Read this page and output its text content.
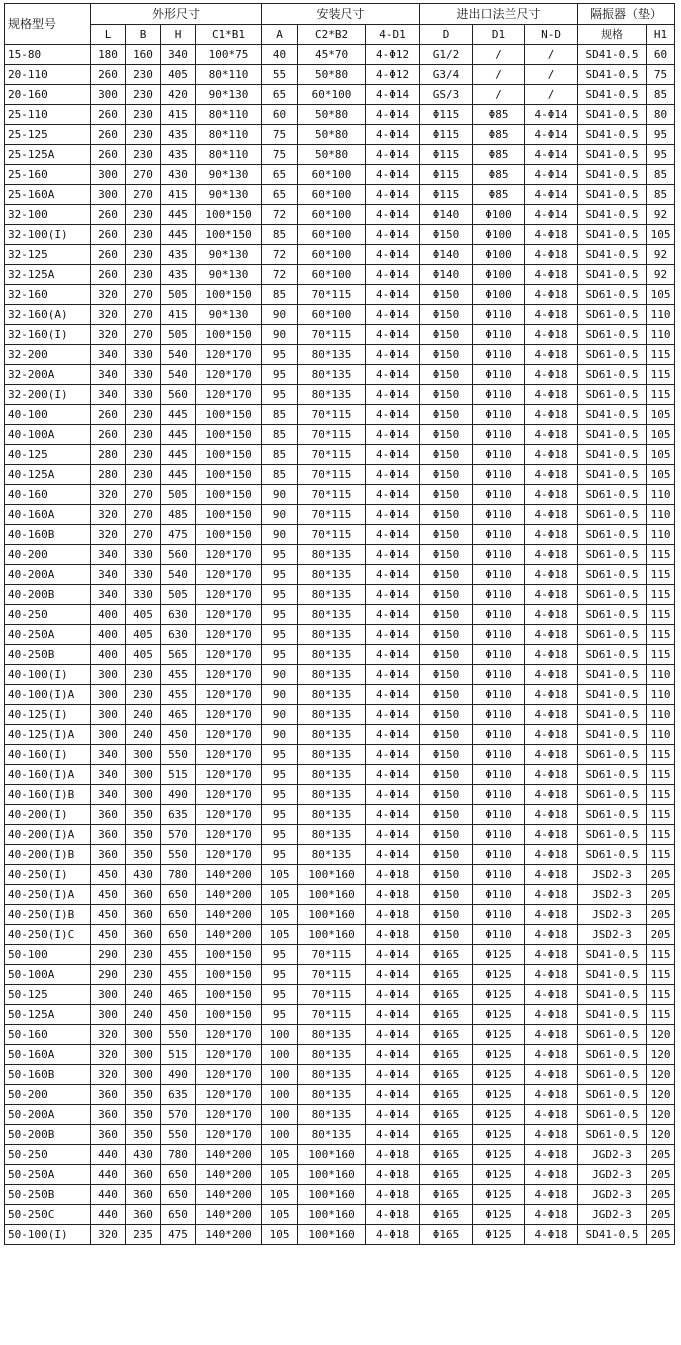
规格型号	外形尺寸				安装尺寸			进出口法兰尺寸			隔振器（垫）	
	L	B	H	C1*B1	A	C2*B2	4-D1	D	D1	N-D	规格	H1
15-80	180	160	340	100*75	40	45*70	4-Φ12	G1/2	/	/	SD41-0.5	60
20-110	260	230	405	80*110	55	50*80	4-Φ12	G3/4	/	/	SD41-0.5	75
20-160	300	230	420	90*130	65	60*100	4-Φ14	GS/3	/	/	SD41-0.5	85
25-110	260	230	415	80*110	60	50*80	4-Φ14	Φ115	Φ85	4-Φ14	SD41-0.5	80
25-125	260	230	435	80*110	75	50*80	4-Φ14	Φ115	Φ85	4-Φ14	SD41-0.5	95
25-125A	260	230	435	80*110	75	50*80	4-Φ14	Φ115	Φ85	4-Φ14	SD41-0.5	95
25-160	300	270	430	90*130	65	60*100	4-Φ14	Φ115	Φ85	4-Φ14	SD41-0.5	85
25-160A	300	270	415	90*130	65	60*100	4-Φ14	Φ115	Φ85	4-Φ14	SD41-0.5	85
32-100	260	230	445	100*150	72	60*100	4-Φ14	Φ140	Φ100	4-Φ14	SD41-0.5	92
32-100(I)	260	230	445	100*150	85	60*100	4-Φ14	Φ150	Φ100	4-Φ18	SD41-0.5	105
32-125	260	230	435	90*130	72	60*100	4-Φ14	Φ140	Φ100	4-Φ18	SD41-0.5	92
32-125A	260	230	435	90*130	72	60*100	4-Φ14	Φ140	Φ100	4-Φ18	SD41-0.5	92
32-160	320	270	505	100*150	85	70*115	4-Φ14	Φ150	Φ100	4-Φ18	SD61-0.5	105
32-160(A)	320	270	415	90*130	90	60*100	4-Φ14	Φ150	Φ110	4-Φ18	SD61-0.5	110
32-160(I)	320	270	505	100*150	90	70*115	4-Φ14	Φ150	Φ110	4-Φ18	SD61-0.5	110
32-200	340	330	540	120*170	95	80*135	4-Φ14	Φ150	Φ110	4-Φ18	SD61-0.5	115
32-200A	340	330	540	120*170	95	80*135	4-Φ14	Φ150	Φ110	4-Φ18	SD61-0.5	115
32-200(I)	340	330	560	120*170	95	80*135	4-Φ14	Φ150	Φ110	4-Φ18	SD61-0.5	115
40-100	260	230	445	100*150	85	70*115	4-Φ14	Φ150	Φ110	4-Φ18	SD41-0.5	105
40-100A	260	230	445	100*150	85	70*115	4-Φ14	Φ150	Φ110	4-Φ18	SD41-0.5	105
40-125	280	230	445	100*150	85	70*115	4-Φ14	Φ150	Φ110	4-Φ18	SD41-0.5	105
40-125A	280	230	445	100*150	85	70*115	4-Φ14	Φ150	Φ110	4-Φ18	SD41-0.5	105
40-160	320	270	505	100*150	90	70*115	4-Φ14	Φ150	Φ110	4-Φ18	SD61-0.5	110
40-160A	320	270	485	100*150	90	70*115	4-Φ14	Φ150	Φ110	4-Φ18	SD61-0.5	110
40-160B	320	270	475	100*150	90	70*115	4-Φ14	Φ150	Φ110	4-Φ18	SD61-0.5	110
40-200	340	330	560	120*170	95	80*135	4-Φ14	Φ150	Φ110	4-Φ18	SD61-0.5	115
40-200A	340	330	540	120*170	95	80*135	4-Φ14	Φ150	Φ110	4-Φ18	SD61-0.5	115
40-200B	340	330	505	120*170	95	80*135	4-Φ14	Φ150	Φ110	4-Φ18	SD61-0.5	115
40-250	400	405	630	120*170	95	80*135	4-Φ14	Φ150	Φ110	4-Φ18	SD61-0.5	115
40-250A	400	405	630	120*170	95	80*135	4-Φ14	Φ150	Φ110	4-Φ18	SD61-0.5	115
40-250B	400	405	565	120*170	95	80*135	4-Φ14	Φ150	Φ110	4-Φ18	SD61-0.5	115
40-100(I)	300	230	455	120*170	90	80*135	4-Φ14	Φ150	Φ110	4-Φ18	SD41-0.5	110
40-100(I)A	300	230	455	120*170	90	80*135	4-Φ14	Φ150	Φ110	4-Φ18	SD41-0.5	110
40-125(I)	300	240	465	120*170	90	80*135	4-Φ14	Φ150	Φ110	4-Φ18	SD41-0.5	110
40-125(I)A	300	240	450	120*170	90	80*135	4-Φ14	Φ150	Φ110	4-Φ18	SD41-0.5	110
40-160(I)	340	300	550	120*170	95	80*135	4-Φ14	Φ150	Φ110	4-Φ18	SD61-0.5	115
40-160(I)A	340	300	515	120*170	95	80*135	4-Φ14	Φ150	Φ110	4-Φ18	SD61-0.5	115
40-160(I)B	340	300	490	120*170	95	80*135	4-Φ14	Φ150	Φ110	4-Φ18	SD61-0.5	115
40-200(I)	360	350	635	120*170	95	80*135	4-Φ14	Φ150	Φ110	4-Φ18	SD61-0.5	115
40-200(I)A	360	350	570	120*170	95	80*135	4-Φ14	Φ150	Φ110	4-Φ18	SD61-0.5	115
40-200(I)B	360	350	550	120*170	95	80*135	4-Φ14	Φ150	Φ110	4-Φ18	SD61-0.5	115
40-250(I)	450	430	780	140*200	105	100*160	4-Φ18	Φ150	Φ110	4-Φ18	JSD2-3	205
40-250(I)A	450	360	650	140*200	105	100*160	4-Φ18	Φ150	Φ110	4-Φ18	JSD2-3	205
40-250(I)B	450	360	650	140*200	105	100*160	4-Φ18	Φ150	Φ110	4-Φ18	JSD2-3	205
40-250(I)C	450	360	650	140*200	105	100*160	4-Φ18	Φ150	Φ110	4-Φ18	JSD2-3	205
50-100	290	230	455	100*150	95	70*115	4-Φ14	Φ165	Φ125	4-Φ18	SD41-0.5	115
50-100A	290	230	455	100*150	95	70*115	4-Φ14	Φ165	Φ125	4-Φ18	SD41-0.5	115
50-125	300	240	465	100*150	95	70*115	4-Φ14	Φ165	Φ125	4-Φ18	SD41-0.5	115
50-125A	300	240	450	100*150	95	70*115	4-Φ14	Φ165	Φ125	4-Φ18	SD41-0.5	115
50-160	320	300	550	120*170	100	80*135	4-Φ14	Φ165	Φ125	4-Φ18	SD61-0.5	120
50-160A	320	300	515	120*170	100	80*135	4-Φ14	Φ165	Φ125	4-Φ18	SD61-0.5	120
50-160B	320	300	490	120*170	100	80*135	4-Φ14	Φ165	Φ125	4-Φ18	SD61-0.5	120
50-200	360	350	635	120*170	100	80*135	4-Φ14	Φ165	Φ125	4-Φ18	SD61-0.5	120
50-200A	360	350	570	120*170	100	80*135	4-Φ14	Φ165	Φ125	4-Φ18	SD61-0.5	120
50-200B	360	350	550	120*170	100	80*135	4-Φ14	Φ165	Φ125	4-Φ18	SD61-0.5	120
50-250	440	430	780	140*200	105	100*160	4-Φ18	Φ165	Φ125	4-Φ18	JGD2-3	205
50-250A	440	360	650	140*200	105	100*160	4-Φ18	Φ165	Φ125	4-Φ18	JGD2-3	205
50-250B	440	360	650	140*200	105	100*160	4-Φ18	Φ165	Φ125	4-Φ18	JGD2-3	205
50-250C	440	360	650	140*200	105	100*160	4-Φ18	Φ165	Φ125	4-Φ18	JGD2-3	205
50-100(I)	320	235	475	140*200	105	100*160	4-Φ18	Φ165	Φ125	4-Φ18	SD41-0.5	205
